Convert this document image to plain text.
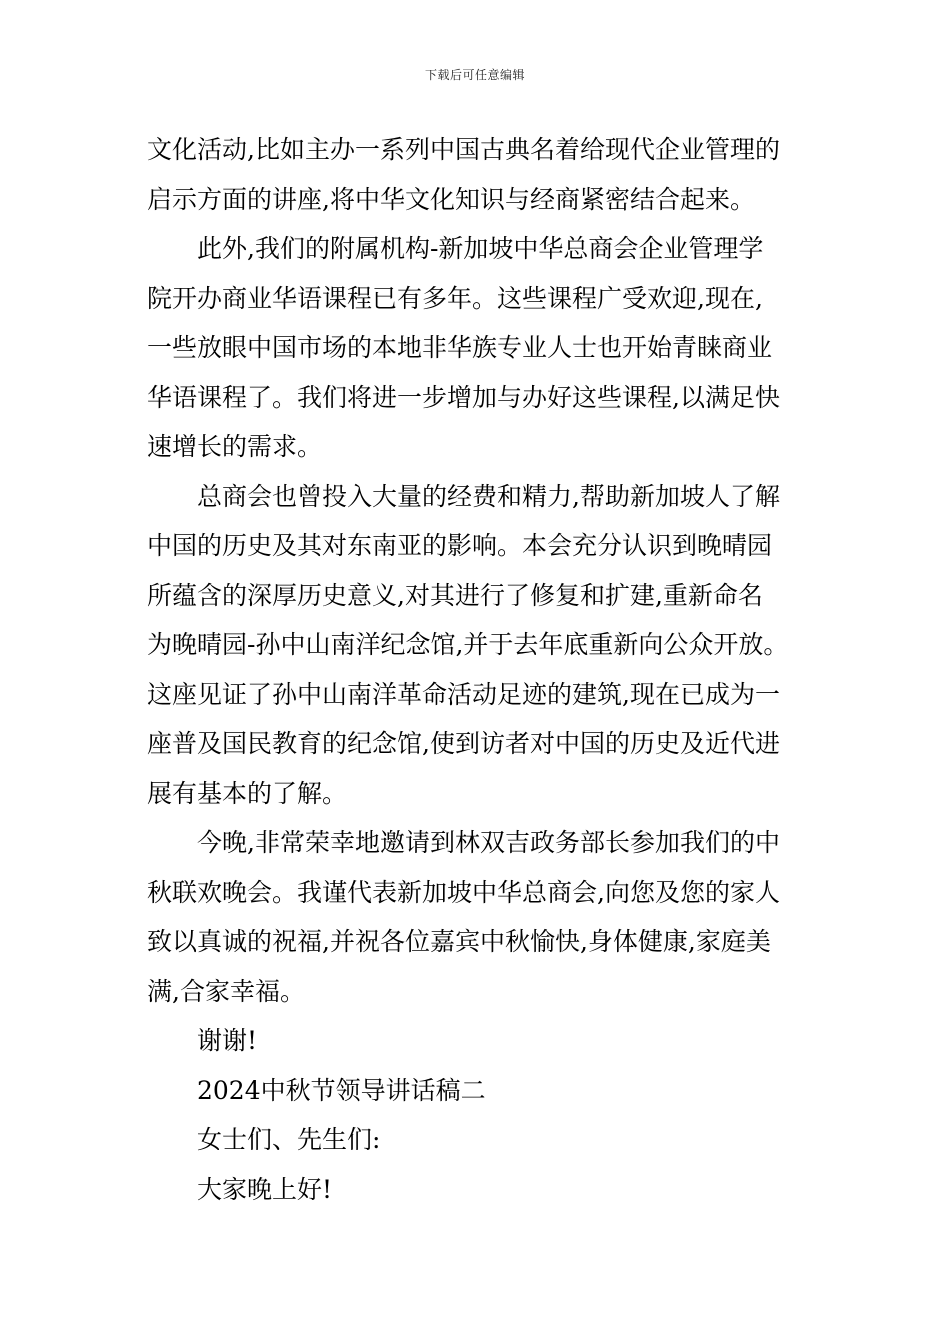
下载后可任意编辑

文化活动,比如主办一系列中国古典名着给现代企业管理的
启示方面的讲座,将中华文化知识与经商紧密结合起来。

此外,我们的附属机构-新加坡中华总商会企业管理学
院开办商业华语课程已有多年。这些课程广受欢迎,现在,
一些放眼中国市场的本地非华族专业人士也开始青睐商业
华语课程了。我们将进一步增加与办好这些课程,以满足快
速增长的需求。

总商会也曾投入大量的经费和精力,帮助新加坡人了解
中国的历史及其对东南亚的影响。本会充分认识到晚晴园
所蕴含的深厚历史意义,对其进行了修复和扩建,重新命名
为晚晴园-孙中山南洋纪念馆,并于去年底重新向公众开放。
这座见证了孙中山南洋革命活动足迹的建筑,现在已成为一
座普及国民教育的纪念馆,使到访者对中国的历史及近代进
展有基本的了解。

今晚,非常荣幸地邀请到林双吉政务部长参加我们的中
秋联欢晚会。我谨代表新加坡中华总商会,向您及您的家人
致以真诚的祝福,并祝各位嘉宾中秋愉快,身体健康,家庭美
满,合家幸福。

谢谢!

2024中秋节领导讲话稿二

女士们、先生们:

大家晚上好!
